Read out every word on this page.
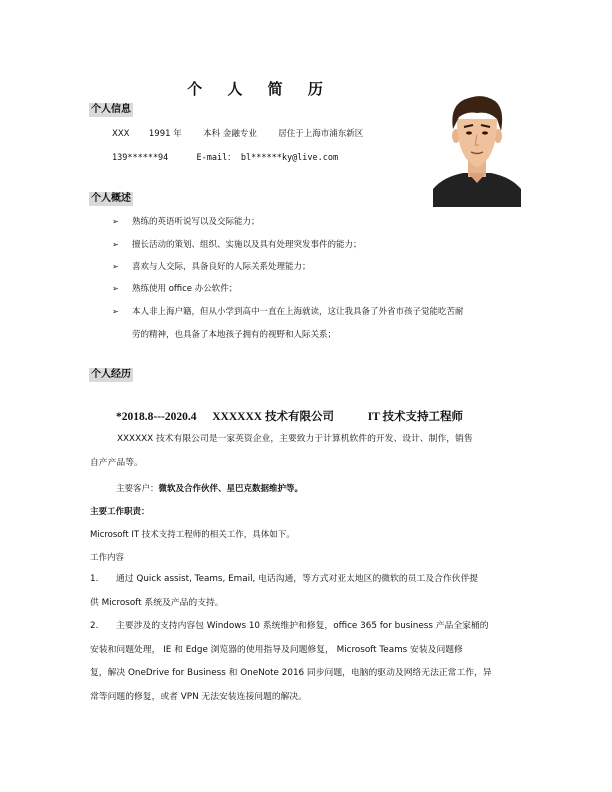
个 人 简 历
个人信息
XXX 1991 年	本科 金融专业	居住于上海市浦东新区
139******94	E-mail： bl******ky@live.com
个人概述
➢ 熟练的英语听说写以及交际能力；
➢ 擅长活动的策划、组织、实施以及具有处理突发事件的能力；
➢ 喜欢与人交际，具备良好的人际关系处理能力；
➢ 熟练使用 office 办公软件；
➢ 本人非上海户籍，但从小学到高中一直在上海就读，这让我具备了外省市孩子觉能吃苦耐
劳的精神，也具备了本地孩子拥有的视野和人际关系；
个人经历
*2018.8---2020.4 XXXXXX 技术有限公司	IT 技术支持工程师
XXXXXX 技术有限公司是一家英资企业，主要致力于计算机软件的开发、设计、制作，销售
自产产品等。
主要客户：微软及合作伙伴、星巴克数据维护等。
主要工作职责：
Microsoft IT 技术支持工程师的相关工作，具体如下。
工作内容
1. 通过 Quick assist, Teams, Email, 电话沟通，等方式对亚太地区的微软的员工及合作伙伴提
供 Microsoft 系统及产品的支持。
2. 主要涉及的支持内容包 Windows 10 系统维护和修复，office 365 for business 产品全家桶的
安装和问题处理， IE 和 Edge 浏览器的使用指导及问题修复， Microsoft Teams 安装及问题修
复，解决 OneDrive for Business 和 OneNote 2016 同步问题，电脑的驱动及网络无法正常工作，异
常等问题的修复，或者 VPN 无法安装连接问题的解决。
